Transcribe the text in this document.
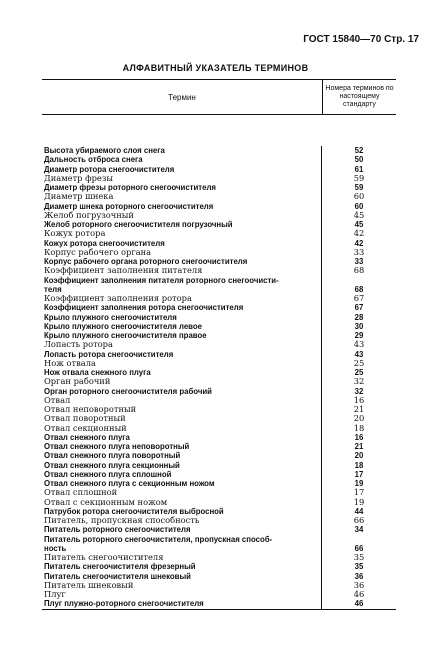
ГОСТ 15840—70 Стр. 17
АЛФАВИТНЫЙ УКАЗАТЕЛЬ ТЕРМИНОВ
Термин
Номера терминов по настоящему стандарту
Высота убираемого слоя снега	52
Дальность отброса снега	50
Диаметр ротора снегоочистителя	61
Диаметр фрезы	59
Диаметр фрезы роторного снегоочистителя	59
Диаметр шнека	60
Диаметр шнека роторного снегоочистителя	60
Желоб погрузочный	45
Желоб роторного снегоочистителя погрузочный	45
Кожух ротора	42
Кожух ротора снегоочистителя	42
Корпус рабочего органа	33
Корпус рабочего органа роторного снегоочистителя	33
Коэффициент заполнения питателя	68
Коэффициент заполнения питателя роторного снегоочисти-
теля	68
Коэффициент заполнения ротора	67
Коэффициент заполнения ротора снегоочистителя	67
Крыло плужного снегоочистителя	28
Крыло плужного снегоочистителя левое	30
Крыло плужного снегоочистителя правое	29
Лопасть ротора	43
Лопасть ротора снегоочистителя	43
Нож отвала	25
Нож отвала снежного плуга	25
Орган рабочий	32
Орган роторного снегоочистителя рабочий	32
Отвал	16
Отвал неповоротный	21
Отвал поворотный	20
Отвал секционный	18
Отвал снежного плуга	16
Отвал снежного плуга неповоротный	21
Отвал снежного плуга поворотный	20
Отвал снежного плуга секционный	18
Отвал снежного плуга сплошной	17
Отвал снежного плуга с секционным ножом	19
Отвал сплошной	17
Отвал с секционным ножом	19
Патрубок ротора снегоочистителя выбросной	44
Питатель, пропускная способность	66
Питатель роторного снегоочистителя	34
Питатель роторного снегоочистителя, пропускная способ-
ность	66
Питатель снегоочистителя	35
Питатель снегоочистителя фрезерный	35
Питатель снегоочистителя шнековый	36
Питатель шнековый	36
Плуг	46
Плуг плужно-роторного снегоочистителя	46
